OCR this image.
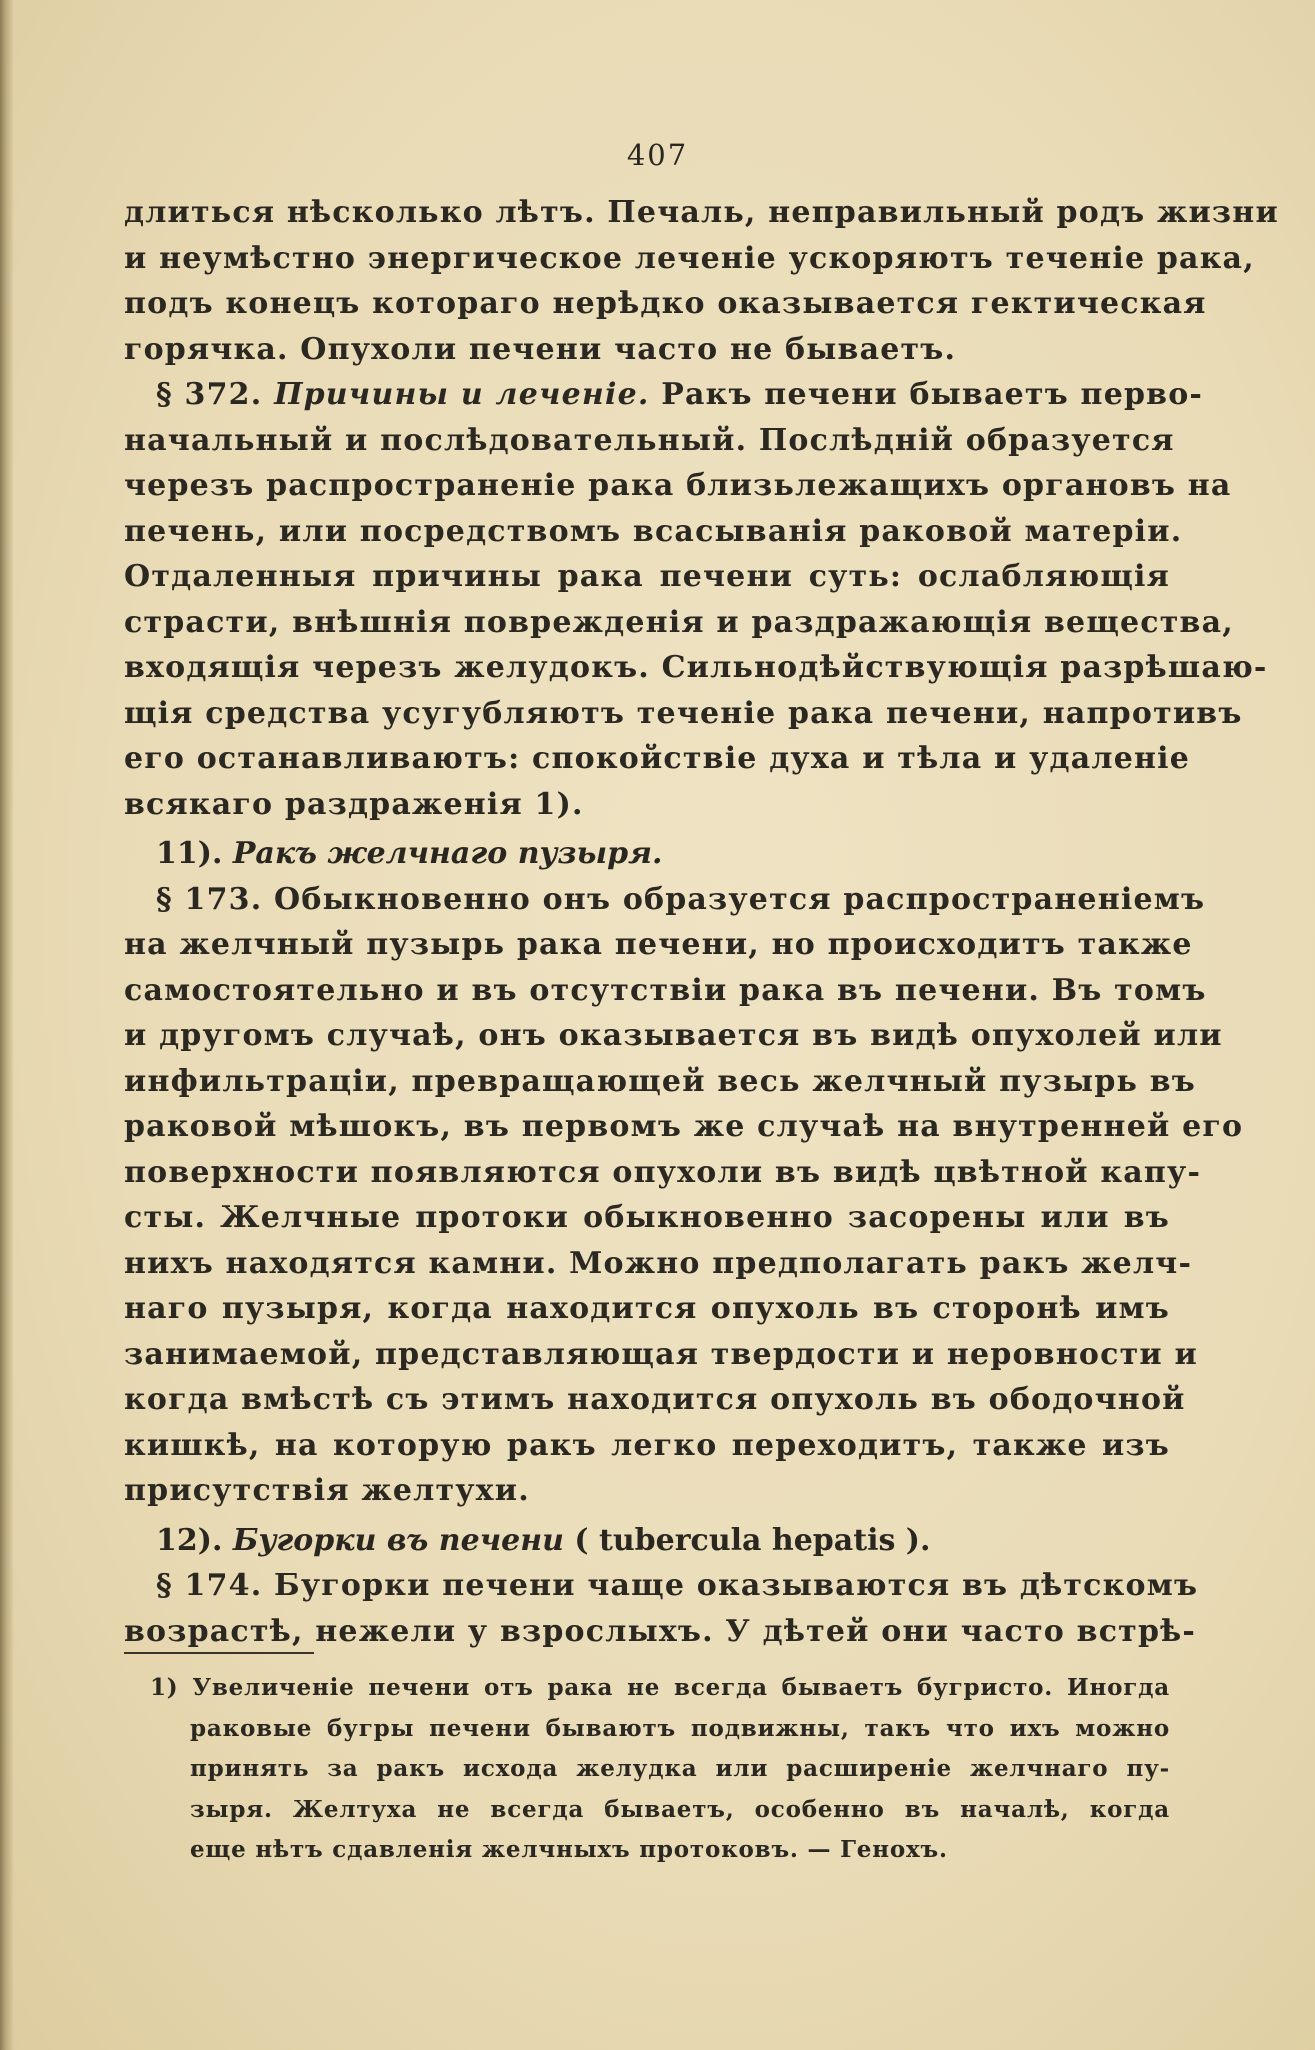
407
длиться нѣсколько лѣтъ. Печаль, неправильный родъ жизни
и неумѣстно энергическое леченіе ускоряютъ теченіе рака,
подъ конецъ котораго нерѣдко оказывается гектическая
горячка. Опухоли печени часто не бываетъ.
§ 372. Причины и леченіе. Ракъ печени бываетъ перво-
начальный и послѣдовательный. Послѣдній образуется
черезъ распространеніе рака близьлежащихъ органовъ на
печень, или посредствомъ всасыванія раковой матеріи.
Отдаленныя причины рака печени суть: ослабляющія
страсти, внѣшнія поврежденія и раздражающія вещества,
входящія черезъ желудокъ. Сильнодѣйствующія разрѣшаю-
щія средства усугубляютъ теченіе рака печени, напротивъ
его останавливаютъ: спокойствіе духа и тѣла и удаленіе
всякаго раздраженія 1).
11). Ракъ желчнаго пузыря.
§ 173. Обыкновенно онъ образуется распространеніемъ
на желчный пузырь рака печени, но происходитъ также
самостоятельно и въ отсутствіи рака въ печени. Въ томъ
и другомъ случаѣ, онъ оказывается въ видѣ опухолей или
инфильтраціи, превращающей весь желчный пузырь въ
раковой мѣшокъ, въ первомъ же случаѣ на внутренней его
поверхности появляются опухоли въ видѣ цвѣтной капу-
сты. Желчные протоки обыкновенно засорены или въ
нихъ находятся камни. Можно предполагать ракъ желч-
наго пузыря, когда находится опухоль въ сторонѣ имъ
занимаемой, представляющая твердости и неровности и
когда вмѣстѣ съ этимъ находится опухоль въ ободочной
кишкѣ, на которую ракъ легко переходитъ, также изъ
присутствія желтухи.
12). Бугорки въ печени ( tubercula hepatis ).
§ 174. Бугорки печени чаще оказываются въ дѣтскомъ
возрастѣ, нежели у взрослыхъ. У дѣтей они часто встрѣ-
1) Увеличеніе печени отъ рака не всегда бываетъ бугристо. Иногда
раковые бугры печени бываютъ подвижны, такъ что ихъ можно
принять за ракъ исхода желудка или расширеніе желчнаго пу-
зыря. Желтуха не всегда бываетъ, особенно въ началѣ, когда
еще нѣтъ сдавленія желчныхъ протоковъ. — Геноxъ.
